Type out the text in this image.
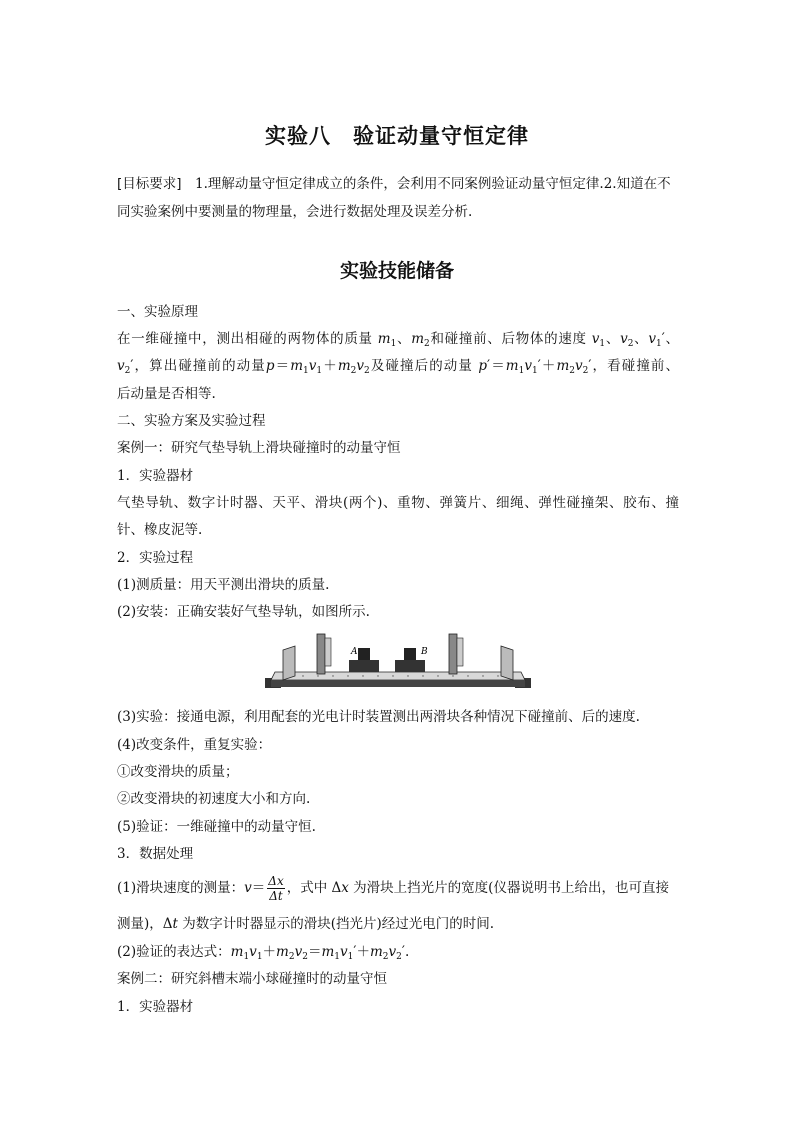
实验八　验证动量守恒定律
[目标要求]　1.理解动量守恒定律成立的条件，会利用不同案例验证动量守恒定律.2.知道在不同实验案例中要测量的物理量，会进行数据处理及误差分析.
实验技能储备
一、实验原理
在一维碰撞中，测出相碰的两物体的质量 $m_1$、$m_2$和碰撞前、后物体的速度 $v_1$、$v_2$、$v_1'$、
$v_2'$，算出碰撞前的动量$p=m_1v_1+m_2v_2$及碰撞后的动量 $p'=m_1v_1'+m_2v_2'$，看碰撞前、
后动量是否相等.
二、实验方案及实验过程
案例一：研究气垫导轨上滑块碰撞时的动量守恒
1．实验器材
气垫导轨、数字计时器、天平、滑块(两个)、重物、弹簧片、细绳、弹性碰撞架、胶布、撞
针、橡皮泥等.
2．实验过程
(1)测质量：用天平测出滑块的质量.
(2)安装：正确安装好气垫导轨，如图所示.
A	B
(3)实验：接通电源，利用配套的光电计时装置测出两滑块各种情况下碰撞前、后的速度.
(4)改变条件，重复实验：
①改变滑块的质量；
②改变滑块的初速度大小和方向.
(5)验证：一维碰撞中的动量守恒.
3．数据处理
(1)滑块速度的测量：$v= \frac{\Delta x}{\Delta t}$ ，式中 Δx 为滑块上挡光片的宽度(仪器说明书上给出，也可直接
测量)，Δt 为数字计时器显示的滑块(挡光片)经过光电门的时间.
(2)验证的表达式：$m_1v_1+m_2v_2=m_1v_1'+m_2v_2'$.
案例二：研究斜槽末端小球碰撞时的动量守恒
1．实验器材
